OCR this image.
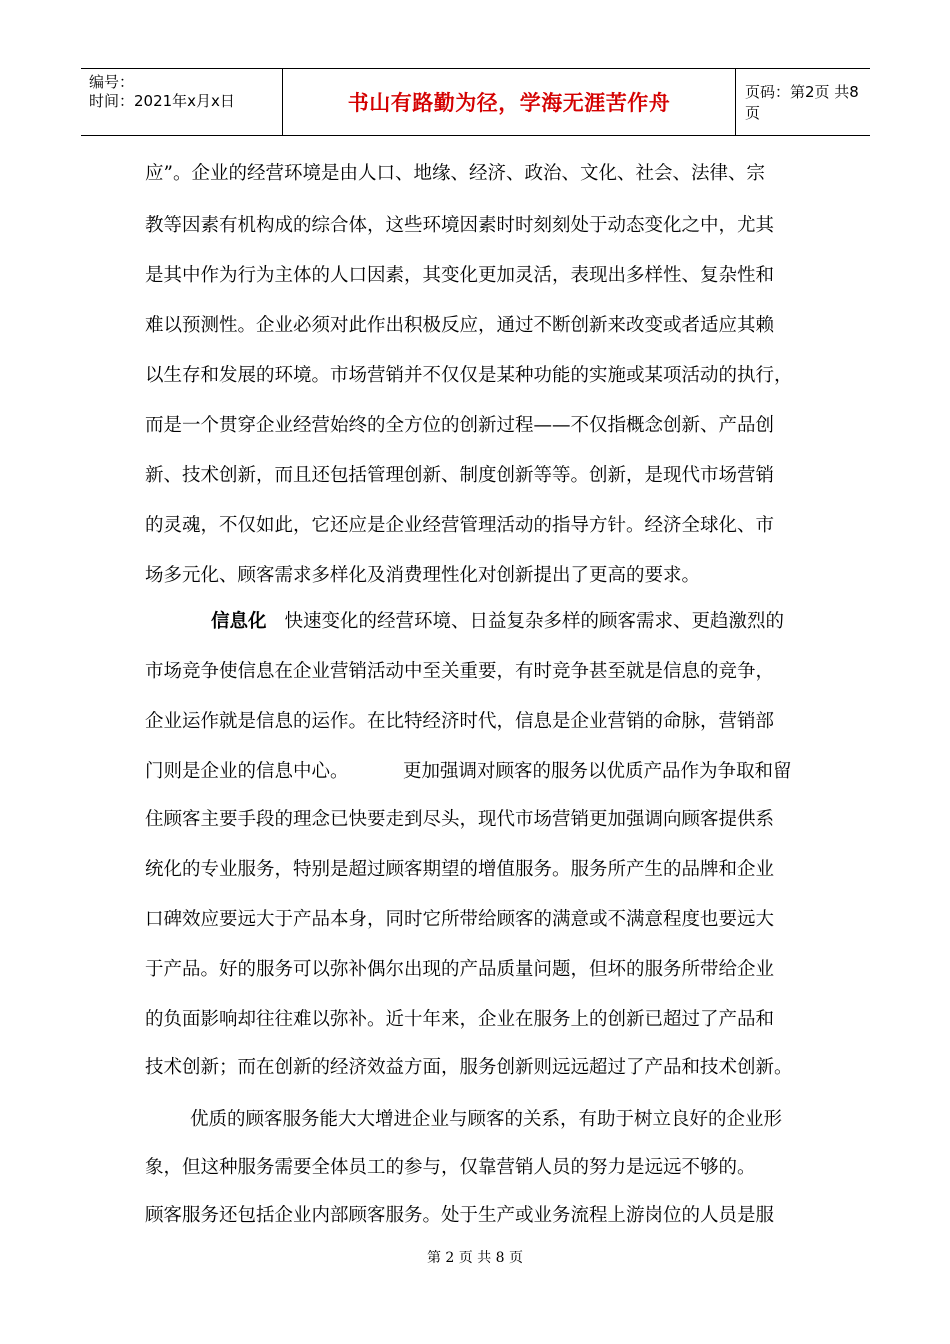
编号：
时间：2021年x月x日	书山有路勤为径，学海无涯苦作舟	页码：第2页 共8页
应”。企业的经营环境是由人口、地缘、经济、政治、文化、社会、法律、宗
教等因素有机构成的综合体，这些环境因素时时刻刻处于动态变化之中，尤其
是其中作为行为主体的人口因素，其变化更加灵活，表现出多样性、复杂性和
难以预测性。企业必须对此作出积极反应，通过不断创新来改变或者适应其赖
以生存和发展的环境。市场营销并不仅仅是某种功能的实施或某项活动的执行，
而是一个贯穿企业经营始终的全方位的创新过程——不仅指概念创新、产品创
新、技术创新，而且还包括管理创新、制度创新等等。创新，是现代市场营销
的灵魂，不仅如此，它还应是企业经营管理活动的指导方针。经济全球化、市
场多元化、顾客需求多样化及消费理性化对创新提出了更高的要求。
信息化 快速变化的经营环境、日益复杂多样的顾客需求、更趋激烈的
市场竞争使信息在企业营销活动中至关重要，有时竞争甚至就是信息的竞争，
企业运作就是信息的运作。在比特经济时代，信息是企业营销的命脉，营销部
门则是企业的信息中心。	更加强调对顾客的服务以优质产品作为争取和留
住顾客主要手段的理念已快要走到尽头，现代市场营销更加强调向顾客提供系
统化的专业服务，特别是超过顾客期望的增值服务。服务所产生的品牌和企业
口碑效应要远大于产品本身，同时它所带给顾客的满意或不满意程度也要远大
于产品。好的服务可以弥补偶尔出现的产品质量问题，但坏的服务所带给企业
的负面影响却往往难以弥补。近十年来，企业在服务上的创新已超过了产品和
技术创新；而在创新的经济效益方面，服务创新则远远超过了产品和技术创新。
优质的顾客服务能大大增进企业与顾客的关系，有助于树立良好的企业形
象，但这种服务需要全体员工的参与，仅靠营销人员的努力是远远不够的。
顾客服务还包括企业内部顾客服务。处于生产或业务流程上游岗位的人员是服
第 2 页 共 8 页
